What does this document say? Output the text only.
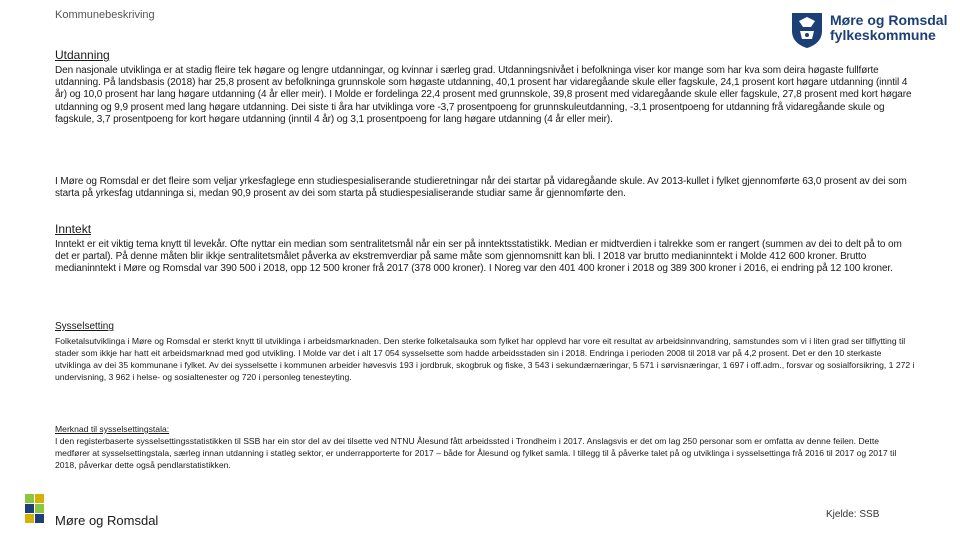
Kommunebeskriving	Møre og Romsdal
fylkeskommune
Utdanning

Den nasjonale utviklinga er at stadig fleire tek høgare og lengre utdanningar, og kvinnar i særleg grad. Utdanningsnivået i befolkninga viser kor mange som har kva som deira høgaste fullførte utdanning. På landsbasis (2018) har 25,8 prosent av befolkninga grunnskole som høgaste utdanning, 40,1 prosent har vidaregåande skule eller fagskule, 24,1 prosent kort høgare utdanning (inntil 4 år) og 10,0 prosent har lang høgare utdanning (4 år eller meir). I Molde er fordelinga 22,4 prosent med grunnskole, 39,8 prosent med vidaregåande skule eller fagskule, 27,8 prosent med kort høgare utdanning og 9,9 prosent med lang høgare utdanning. Dei siste ti åra har utviklinga vore -3,7 prosentpoeng for grunnskuleutdanning, -3,1 prosentpoeng for utdanning frå vidaregåande skule og fagskule, 3,7 prosentpoeng for kort høgare utdanning (inntil 4 år) og 3,1 prosentpoeng for lang høgare utdanning (4 år eller meir).

I Møre og Romsdal er det fleire som veljar yrkesfaglege enn studiespesialiserande studieretningar når dei startar på vidaregåande skule. Av 2013-kullet i fylket gjennomførte 63,0 prosent av dei som starta på yrkesfag utdanninga si, medan 90,9 prosent av dei som starta på studiespesialiserande studiar same år gjennomførte den.

Inntekt

Inntekt er eit viktig tema knytt til levekår. Ofte nyttar ein median som sentralitetsmål når ein ser på inntektsstatistikk. Median er midtverdien i talrekke som er rangert (summen av dei to delt på to om det er partal). På denne måten blir ikkje sentralitetsmålet påverka av ekstremverdiar på same måte som gjennomsnitt kan bli. I 2018 var brutto medianinntekt i Molde 412 600 kroner. Brutto medianinntekt i Møre og Romsdal var 390 500 i 2018, opp 12 500 kroner frå 2017 (378 000 kroner). I Noreg var den 401 400 kroner i 2018 og 389 300 kroner i 2016, ei endring på 12 100 kroner.

Sysselsetting

Folketalsutviklinga i Møre og Romsdal er sterkt knytt til utviklinga i arbeidsmarknaden. Den sterke folketalsauka som fylket har opplevd har vore eit resultat av arbeidsinnvandring, samstundes som vi i liten grad ser tilflytting til stader som ikkje har hatt eit arbeidsmarknad med god utvikling. I Molde var det i alt 17 054 sysselsette som hadde arbeidsstaden sin i 2018. Endringa i perioden 2008 til 2018 var på 4,2 prosent. Det er den 10 sterkaste utviklinga av dei 35 kommunane i fylket. Av dei sysselsette i kommunen arbeider høvesvis 193 i jordbruk, skogbruk og fiske, 3 543 i sekundærnæringar, 5 571 i sørvisnæringar, 1 697 i off.adm., forsvar og sosialforsikring, 1 272 i undervisning, 3 962 i helse- og sosialtenester og 720 i personleg tenesteyting.

Merknad til sysselsettingstala:

I den registerbaserte sysselsettingsstatistikken til SSB har ein stor del av dei tilsette ved NTNU Ålesund fått arbeidssted i Trondheim i 2017. Anslagsvis er det om lag 250 personar som er omfatta av denne feilen. Dette medfører at sysselsettingstala, særleg innan utdanning i statleg sektor, er underrapporterte for 2017 – både for Ålesund og fylket samla. I tillegg til å påverke talet på og utviklinga i sysselsettinga frå 2016 til 2017 og 2017 til 2018, påverkar dette også pendlarstatistikken.

Møre og Romsdal	Kjelde: SSB
